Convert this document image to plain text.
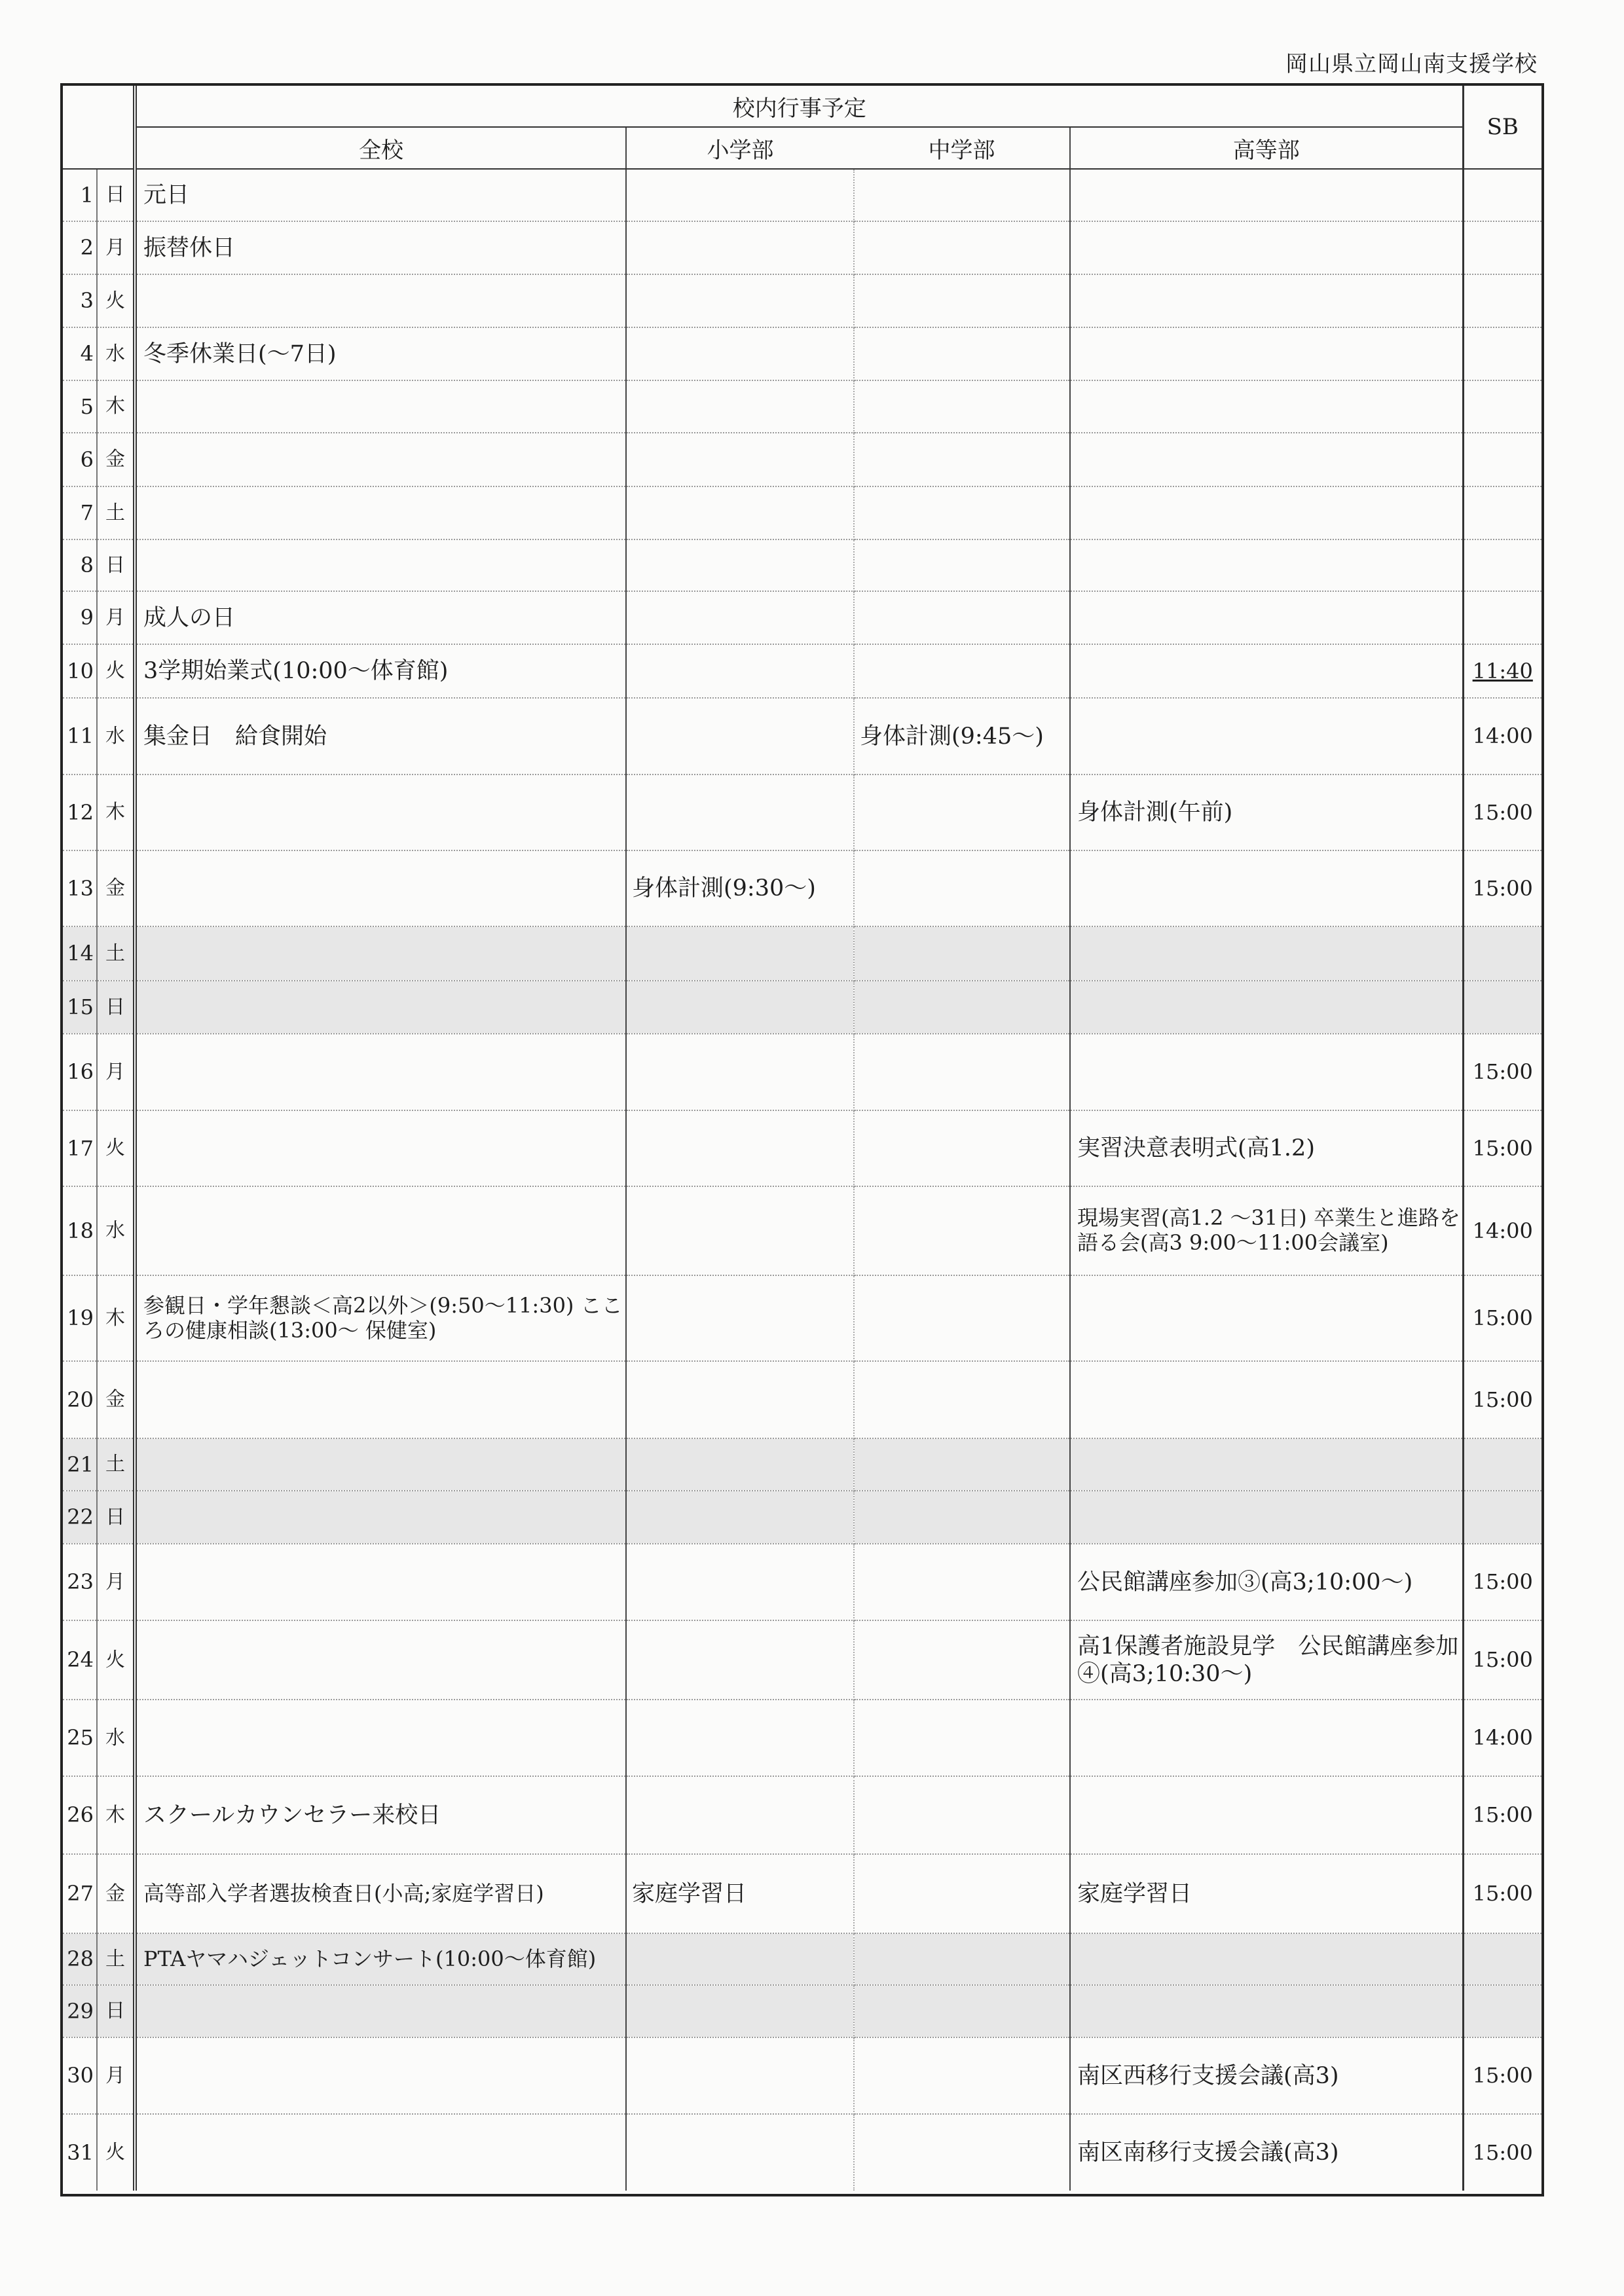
岡山県立岡山南支援学校
		校内行事予定				SB
		全校	小学部	中学部	高等部	
1	日	元日				
2	月	振替休日				
3	火					
4	水	冬季休業日(～7日)				
5	木					
6	金					
7	土					
8	日					
9	月	成人の日				
10	火	3学期始業式(10:00～体育館)				11:40
11	水	集金日　給食開始		身体計測(9:45～)		14:00
12	木				身体計測(午前)	15:00
13	金		身体計測(9:30～)			15:00
14	土					
15	日					
16	月					15:00
17	火				実習決意表明式(高1.2)	15:00
18	水				現場実習(高1.2 ～31日) 卒業生と進路を語る会(高3 9:00～11:00会議室)	14:00
19	木	参観日・学年懇談＜高2以外＞(9:50～11:30) こころの健康相談(13:00～ 保健室)				15:00
20	金					15:00
21	土					
22	日					
23	月				公民館講座参加③(高3;10:00～)	15:00
24	火				高1保護者施設見学　公民館講座参加④(高3;10:30～)	15:00
25	水					14:00
26	木	スクールカウンセラー来校日				15:00
27	金	高等部入学者選抜検査日(小高;家庭学習日)	家庭学習日		家庭学習日	15:00
28	土	PTAヤマハジェットコンサート(10:00～体育館)				
29	日					
30	月				南区西移行支援会議(高3)	15:00
31	火				南区南移行支援会議(高3)	15:00
